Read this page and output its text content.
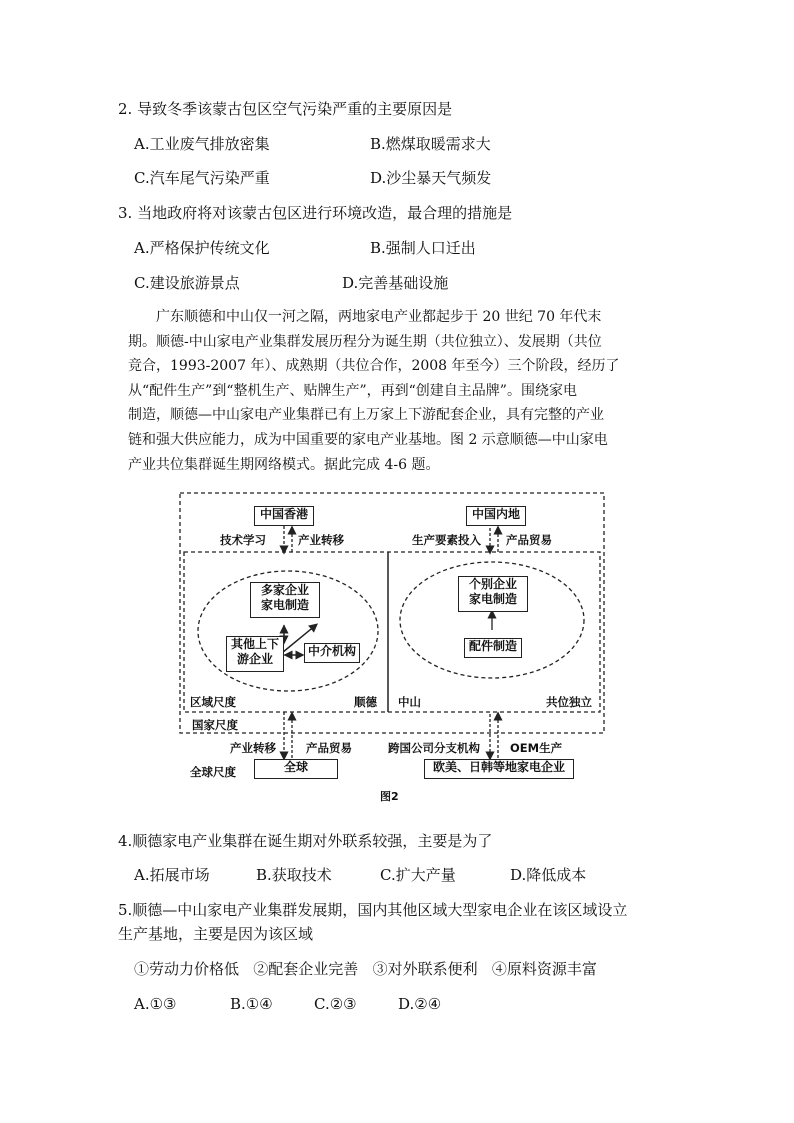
2. 导致冬季该蒙古包区空气污染严重的主要原因是
A.工业废气排放密集	B.燃煤取暖需求大
C.汽车尾气污染严重	D.沙尘暴天气频发
3. 当地政府将对该蒙古包区进行环境改造，最合理的措施是
A.严格保护传统文化	B.强制人口迁出
C.建设旅游景点	D.完善基础设施
广东顺德和中山仅一河之隔，两地家电产业都起步于 20 世纪 70 年代末
期。顺德-中山家电产业集群发展历程分为诞生期（共位独立）、发展期（共位
竞合，1993-2007 年）、成熟期（共位合作，2008 年至今）三个阶段，经历了
从“配件生产”到“整机生产、贴牌生产”，再到“创建自主品牌”。围绕家电
制造，顺德—中山家电产业集群已有上万家上下游配套企业，具有完整的产业
链和强大供应能力，成为中国重要的家电产业基地。图 2 示意顺德—中山家电
产业共位集群诞生期网络模式。据此完成 4-6 题。
中国香港	中国内地
技术学习	产业转移	生产要素投入 产品贸易
多家企业
家电制造
其他上下
游企业
中介机构
个别企业
家电制造
配件制造
区域尺度	顺德 中山	共位独立
国家尺度
产业转移	产品贸易	跨国公司分支机构	OEM生产
全球尺度	全球	欧美、日韩等地家电企业
图2
4.顺德家电产业集群在诞生期对外联系较强，主要是为了
A.拓展市场	B.获取技术	C.扩大产量	D.降低成本
5.顺德—中山家电产业集群发展期，国内其他区域大型家电企业在该区域设立
生产基地，主要是因为该区域
①劳动力价格低   ②配套企业完善   ③对外联系便利   ④原料资源丰富
A.①③	B.①④	C.②③	D.②④
